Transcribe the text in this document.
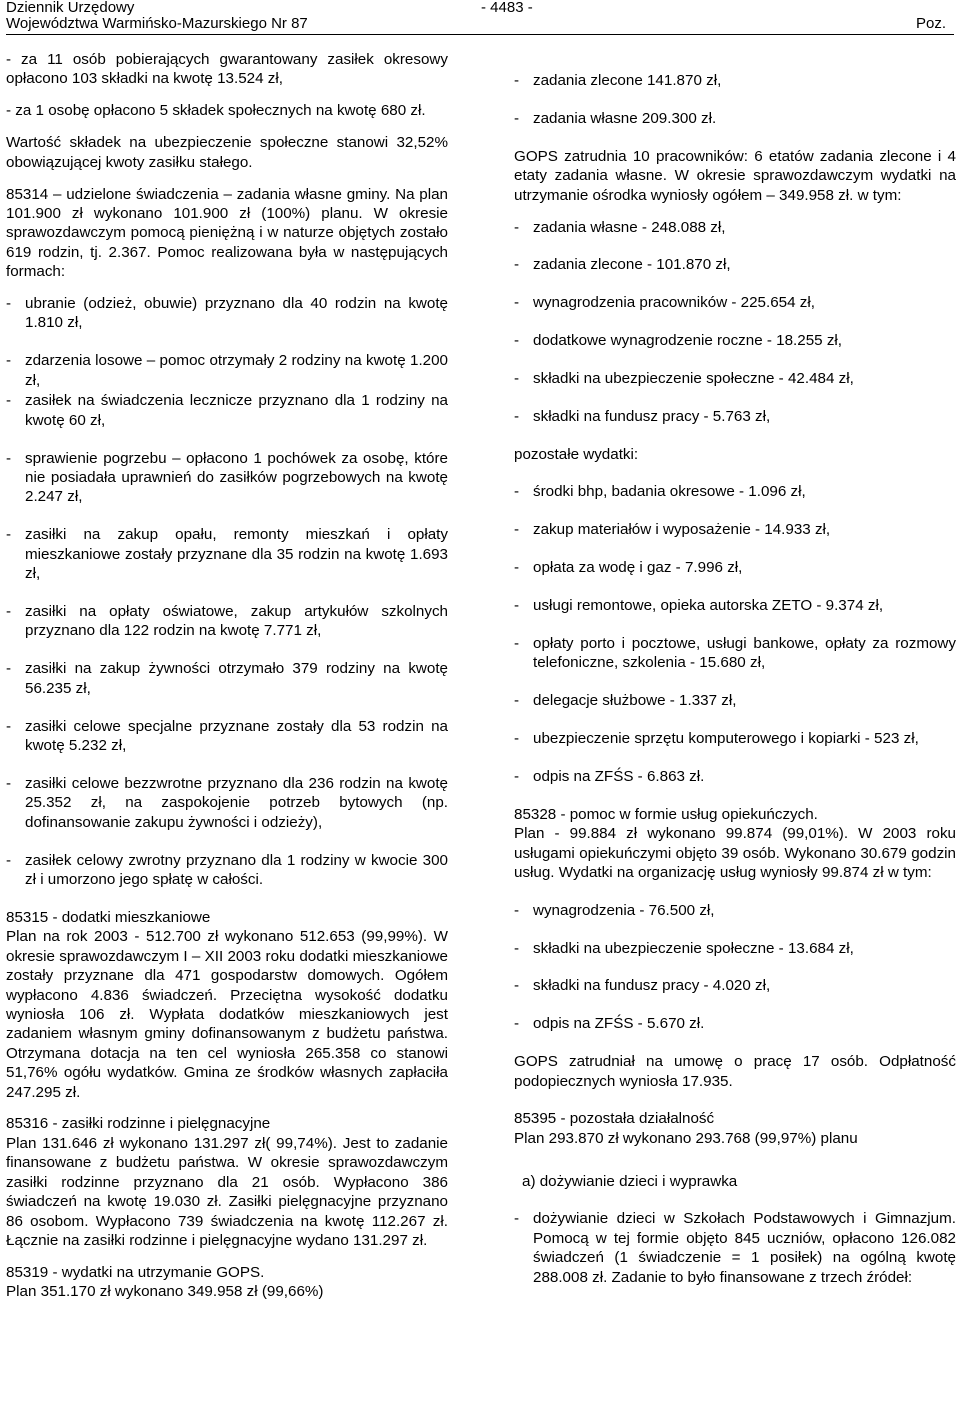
Dziennik Urzędowy
Województwa Warmińsko-Mazurskiego Nr 87
- 4483 -
Poz.

- za 11 osób pobierających gwarantowany zasiłek okresowy opłacono 103 składki na kwotę 13.524 zł,

- za 1 osobę opłacono 5 składek społecznych na kwotę 680 zł.

Wartość składek na ubezpieczenie społeczne stanowi 32,52% obowiązującej kwoty zasiłku stałego.

85314 – udzielone świadczenia – zadania własne gminy. Na plan 101.900 zł wykonano 101.900 zł (100%) planu. W okresie sprawozdawczym pomocą pieniężną i w naturze objętych zostało 619 rodzin, tj. 2.367. Pomoc realizowana była w następujących formach:

- ubranie (odzież, obuwie) przyznano dla 40 rodzin na kwotę 1.810 zł,
- zdarzenia losowe – pomoc otrzymały 2 rodziny na kwotę 1.200 zł,
- zasiłek na świadczenia lecznicze przyznano dla 1 rodziny na kwotę 60 zł,
- sprawienie pogrzebu – opłacono 1 pochówek za osobę, które nie posiadała uprawnień do zasiłków pogrzebowych na kwotę 2.247 zł,
- zasiłki na zakup opału, remonty mieszkań i opłaty mieszkaniowe zostały przyznane dla 35 rodzin na kwotę 1.693 zł,
- zasiłki na opłaty oświatowe, zakup artykułów szkolnych przyznano dla 122 rodzin na kwotę 7.771 zł,
- zasiłki na zakup żywności otrzymało 379 rodziny na kwotę 56.235 zł,
- zasiłki celowe specjalne przyznane zostały dla 53 rodzin na kwotę 5.232 zł,
- zasiłki celowe bezzwrotne przyznano dla 236 rodzin na kwotę 25.352 zł, na zaspokojenie potrzeb bytowych (np. dofinansowanie zakupu żywności i odzieży),
- zasiłek celowy zwrotny przyznano dla 1 rodziny w kwocie 300 zł i umorzono jego spłatę w całości.

85315 - dodatki mieszkaniowe

Plan na rok 2003 - 512.700 zł wykonano 512.653 (99,99%). W okresie sprawozdawczym I – XII 2003 roku dodatki mieszkaniowe zostały przyznane dla 471 gospodarstw domowych. Ogółem wypłacono 4.836 świadczeń. Przeciętna wysokość dodatku wyniosła 106 zł. Wypłata dodatków mieszkaniowych jest zadaniem własnym gminy dofinansowanym z budżetu państwa. Otrzymana dotacja na ten cel wyniosła 265.358 co stanowi 51,76% ogółu wydatków. Gmina ze środków własnych zapłaciła 247.295 zł.

85316 - zasiłki rodzinne i pielęgnacyjne

Plan 131.646 zł wykonano 131.297 zł( 99,74%). Jest to zadanie finansowane z budżetu państwa. W okresie sprawozdawczym zasiłki rodzinne przyznano dla 21 osób. Wypłacono 386 świadczeń na kwotę 19.030 zł. Zasiłki pielęgnacyjne przyznano 86 osobom. Wypłacono 739 świadczenia na kwotę 112.267 zł. Łącznie na zasiłki rodzinne i pielęgnacyjne wydano 131.297 zł.

85319 - wydatki na utrzymanie GOPS.

Plan 351.170 zł wykonano 349.958 zł (99,66%)

- zadania zlecone 141.870 zł,
- zadania własne 209.300 zł.

GOPS zatrudnia 10 pracowników: 6 etatów zadania zlecone i 4 etaty zadania własne. W okresie sprawozdawczym wydatki na utrzymanie ośrodka wyniosły ogółem – 349.958 zł. w tym:

- zadania własne - 248.088 zł,
- zadania zlecone - 101.870 zł,
- wynagrodzenia pracowników - 225.654 zł,
- dodatkowe wynagrodzenie roczne - 18.255 zł,
- składki na ubezpieczenie społeczne - 42.484 zł,
- składki na fundusz pracy - 5.763 zł,

pozostałe wydatki:

- środki bhp, badania okresowe - 1.096 zł,
- zakup materiałów i wyposażenie - 14.933 zł,
- opłata za wodę i gaz - 7.996 zł,
- usługi remontowe, opieka autorska ZETO - 9.374 zł,
- opłaty porto i pocztowe, usługi bankowe, opłaty za rozmowy telefoniczne, szkolenia - 15.680 zł,
- delegacje służbowe - 1.337 zł,
- ubezpieczenie sprzętu komputerowego i kopiarki - 523 zł,
- odpis na ZFŚS - 6.863 zł.

85328 - pomoc w formie usług opiekuńczych.

Plan - 99.884 zł wykonano 99.874 (99,01%). W 2003 roku usługami opiekuńczymi objęto 39 osób. Wykonano 30.679 godzin usług. Wydatki na organizację usług wyniosły 99.874 zł w tym:

- wynagrodzenia - 76.500 zł,
- składki na ubezpieczenie społeczne - 13.684 zł,
- składki na fundusz pracy - 4.020 zł,
- odpis na ZFŚS - 5.670 zł.

GOPS zatrudniał na umowę o pracę 17 osób. Odpłatność podopiecznych wyniosła 17.935.

85395 - pozostała działalność

Plan 293.870 zł wykonano 293.768 (99,97%) planu

a) dożywianie dzieci i wyprawka

- dożywianie dzieci w Szkołach Podstawowych i Gimnazjum. Pomocą w tej formie objęto 845 uczniów, opłacono 126.082 świadczeń (1 świadczenie = 1 posiłek) na ogólną kwotę 288.008 zł. Zadanie to było finansowane z trzech źródeł:
